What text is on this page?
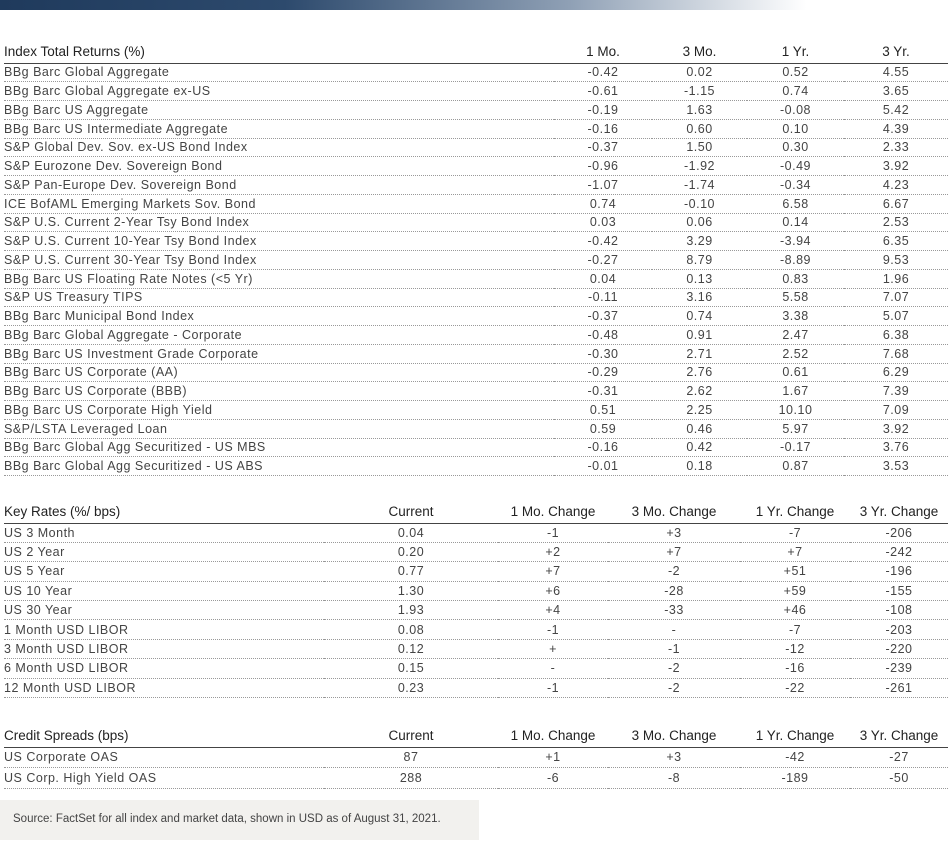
Index Total Returns (%)	1 Mo.	3 Mo.	1 Yr.	3 Yr.
BBg Barc Global Aggregate	-0.42	0.02	0.52	4.55
BBg Barc Global Aggregate ex-US	-0.61	-1.15	0.74	3.65
BBg Barc US Aggregate	-0.19	1.63	-0.08	5.42
BBg Barc US Intermediate Aggregate	-0.16	0.60	0.10	4.39
S&P Global Dev. Sov. ex-US Bond Index	-0.37	1.50	0.30	2.33
S&P Eurozone Dev. Sovereign Bond	-0.96	-1.92	-0.49	3.92
S&P Pan-Europe Dev. Sovereign Bond	-1.07	-1.74	-0.34	4.23
ICE BofAML Emerging Markets Sov. Bond	0.74	-0.10	6.58	6.67
S&P U.S. Current 2-Year Tsy Bond Index	0.03	0.06	0.14	2.53
S&P U.S. Current 10-Year Tsy Bond Index	-0.42	3.29	-3.94	6.35
S&P U.S. Current 30-Year Tsy Bond Index	-0.27	8.79	-8.89	9.53
BBg Barc US Floating Rate Notes (<5 Yr)	0.04	0.13	0.83	1.96
S&P US Treasury TIPS	-0.11	3.16	5.58	7.07
BBg Barc Municipal Bond Index	-0.37	0.74	3.38	5.07
BBg Barc Global Aggregate - Corporate	-0.48	0.91	2.47	6.38
BBg Barc US Investment Grade Corporate	-0.30	2.71	2.52	7.68
BBg Barc US Corporate (AA)	-0.29	2.76	0.61	6.29
BBg Barc US Corporate (BBB)	-0.31	2.62	1.67	7.39
BBg Barc US Corporate High Yield	0.51	2.25	10.10	7.09
S&P/LSTA Leveraged Loan	0.59	0.46	5.97	3.92
BBg Barc Global Agg Securitized - US MBS	-0.16	0.42	-0.17	3.76
BBg Barc Global Agg Securitized - US ABS	-0.01	0.18	0.87	3.53
Key Rates (%/ bps)	Current	1 Mo. Change	3 Mo. Change	1 Yr. Change	3 Yr. Change
US 3 Month	0.04	-1	+3	-7	-206
US 2 Year	0.20	+2	+7	+7	-242
US 5 Year	0.77	+7	-2	+51	-196
US 10 Year	1.30	+6	-28	+59	-155
US 30 Year	1.93	+4	-33	+46	-108
1 Month USD LIBOR	0.08	-1	-	-7	-203
3 Month USD LIBOR	0.12	+	-1	-12	-220
6 Month USD LIBOR	0.15	-	-2	-16	-239
12 Month USD LIBOR	0.23	-1	-2	-22	-261
Credit Spreads (bps)	Current	1 Mo. Change	3 Mo. Change	1 Yr. Change	3 Yr. Change
US Corporate OAS	87	+1	+3	-42	-27
US Corp. High Yield OAS	288	-6	-8	-189	-50
Source: FactSet for all index and market data, shown in USD as of August 31, 2021.
